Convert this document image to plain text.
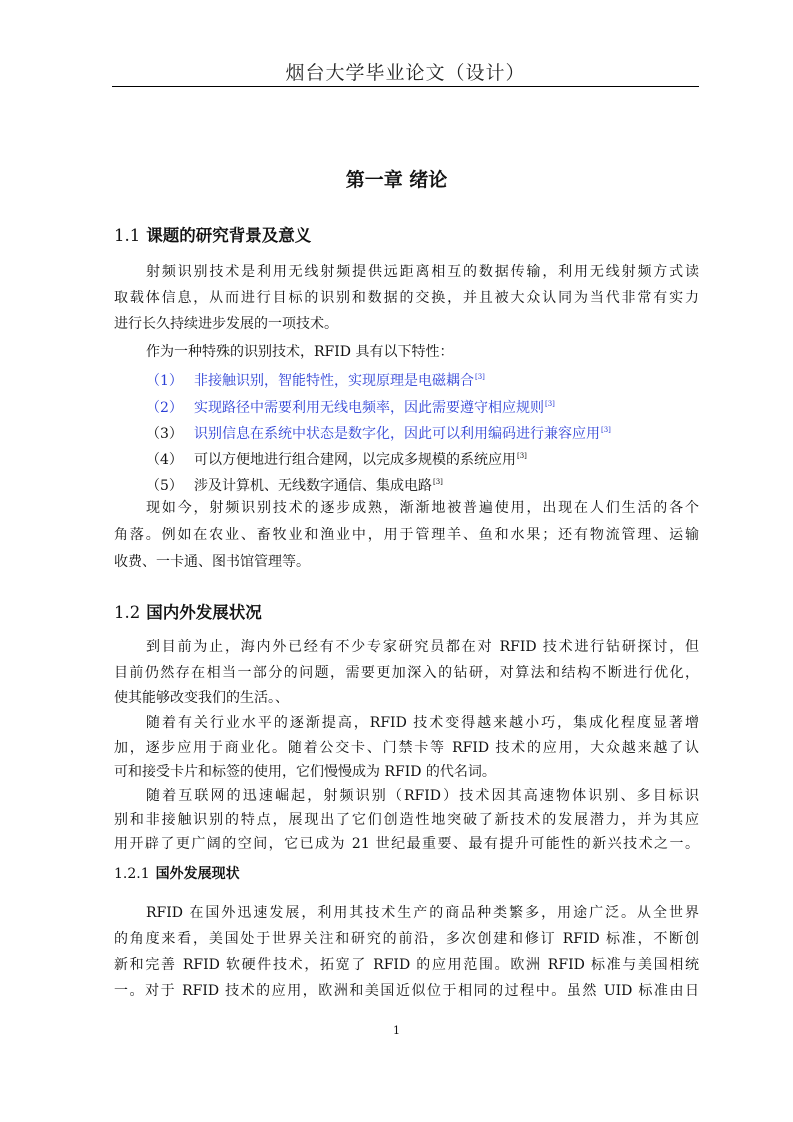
烟台大学毕业论文（设计）
第一章 绪论
1.1 课题的研究背景及意义
射频识别技术是利用无线射频提供远距离相互的数据传输，利用无线射频方式读
取载体信息，从而进行目标的识别和数据的交换，并且被大众认同为当代非常有实力
进行长久持续进步发展的一项技术。
作为一种特殊的识别技术，RFID 具有以下特性：
（1） 非接触识别，智能特性，实现原理是电磁耦合[3]
（2） 实现路径中需要利用无线电频率，因此需要遵守相应规则[3]
（3） 识别信息在系统中状态是数字化，因此可以利用编码进行兼容应用[3]
（4） 可以方便地进行组合建网，以完成多规模的系统应用[3]
（5） 涉及计算机、无线数字通信、集成电路[3]
现如今，射频识别技术的逐步成熟，渐渐地被普遍使用，出现在人们生活的各个
角落。例如在农业、畜牧业和渔业中，用于管理羊、鱼和水果；还有物流管理、运输
收费、一卡通、图书馆管理等。
1.2 国内外发展状况
到目前为止，海内外已经有不少专家研究员都在对 RFID 技术进行钻研探讨，但
目前仍然存在相当一部分的问题，需要更加深入的钻研，对算法和结构不断进行优化，
使其能够改变我们的生活。、
随着有关行业水平的逐渐提高，RFID 技术变得越来越小巧，集成化程度显著增
加，逐步应用于商业化。随着公交卡、门禁卡等 RFID 技术的应用，大众越来越了认
可和接受卡片和标签的使用，它们慢慢成为 RFID 的代名词。
随着互联网的迅速崛起，射频识别（RFID）技术因其高速物体识别、多目标识
别和非接触识别的特点，展现出了它们创造性地突破了新技术的发展潜力，并为其应
用开辟了更广阔的空间，它已成为 21 世纪最重要、最有提升可能性的新兴技术之一。
1.2.1 国外发展现状
RFID 在国外迅速发展，利用其技术生产的商品种类繁多，用途广泛。从全世界
的角度来看，美国处于世界关注和研究的前沿，多次创建和修订 RFID 标准，不断创
新和完善 RFID 软硬件技术，拓宽了 RFID 的应用范围。欧洲 RFID 标准与美国相统
一。对于 RFID 技术的应用，欧洲和美国近似位于相同的过程中。虽然 UID 标准由日
1
